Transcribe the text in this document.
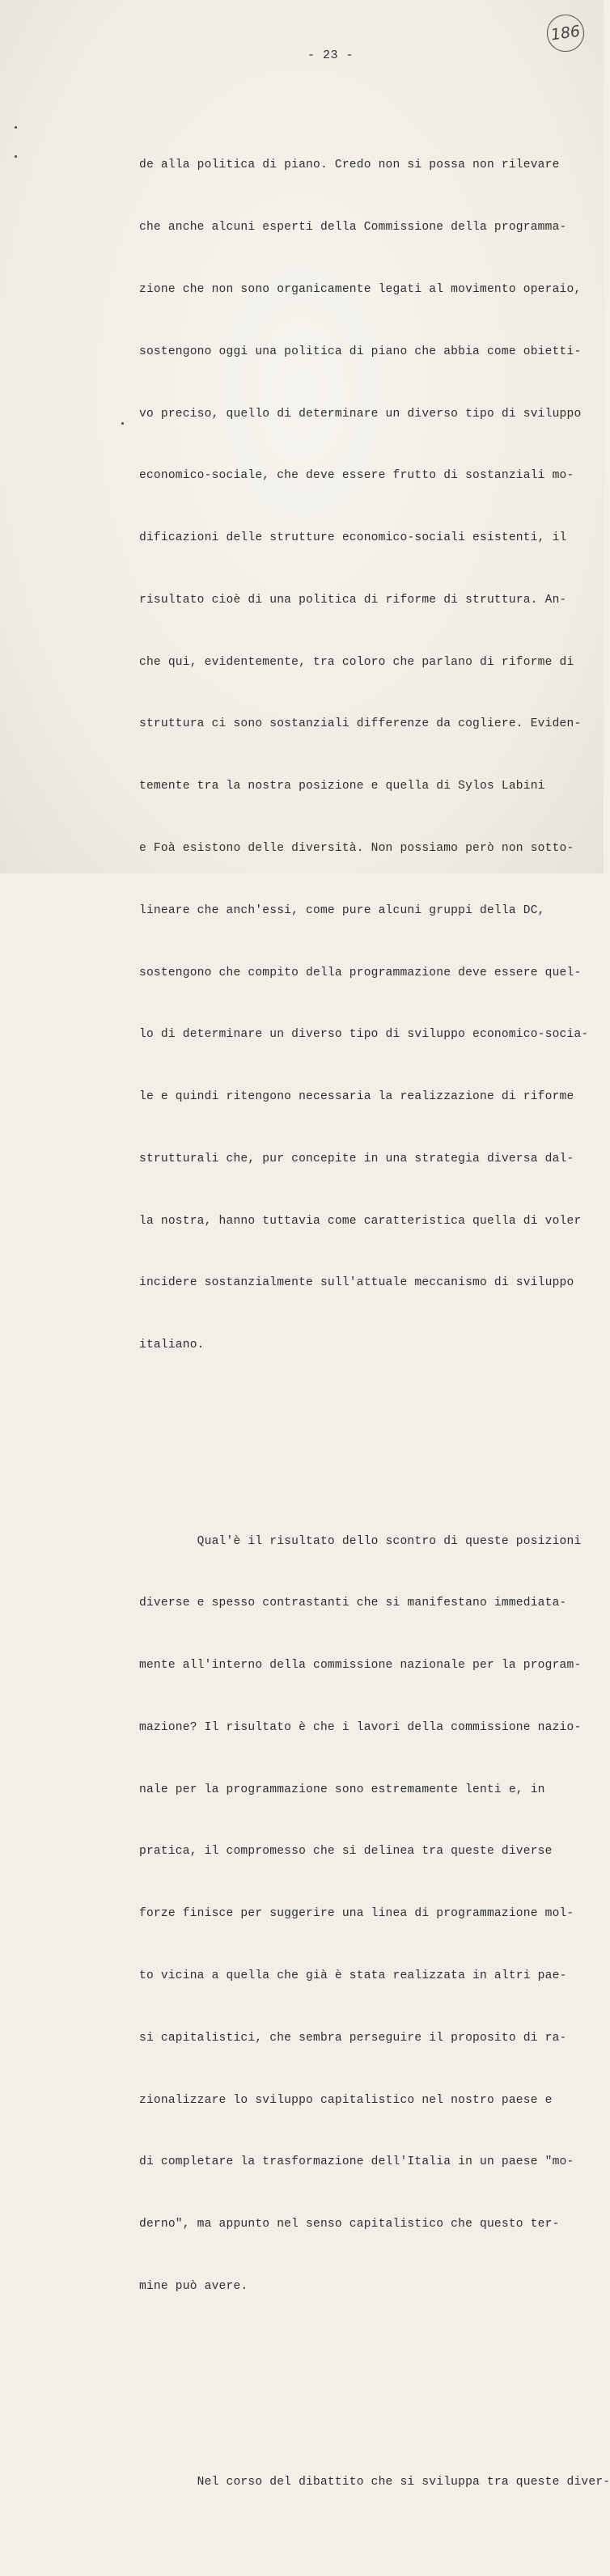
186
- 23 -

de alla politica di piano. Credo non si possa non rilevare

che anche alcuni esperti della Commissione della programma-

zione che non sono organicamente legati al movimento operaio,

sostengono oggi una politica di piano che abbia come obietti-

vo preciso, quello di determinare un diverso tipo di sviluppo

economico-sociale, che deve essere frutto di sostanziali mo-

dificazioni delle strutture economico-sociali esistenti, il

risultato cioè di una politica di riforme di struttura. An-

che qui, evidentemente, tra coloro che parlano di riforme di

struttura ci sono sostanziali differenze da cogliere. Eviden-

temente tra la nostra posizione e quella di Sylos Labini

e Foà esistono delle diversità. Non possiamo però non sotto-

lineare che anch'essi, come pure alcuni gruppi della DC,

sostengono che compito della programmazione deve essere quel-

lo di determinare un diverso tipo di sviluppo economico-socia-

le e quindi ritengono necessaria la realizzazione di riforme

strutturali che, pur concepite in una strategia diversa dal-

la nostra, hanno tuttavia come caratteristica quella di voler

incidere sostanzialmente sull'attuale meccanismo di sviluppo

italiano.

Qual'è il risultato dello scontro di queste posizioni

diverse e spesso contrastanti che si manifestano immediata-

mente all'interno della commissione nazionale per la program-

mazione? Il risultato è che i lavori della commissione nazio-

nale per la programmazione sono estremamente lenti e, in

pratica, il compromesso che si delinea tra queste diverse

forze finisce per suggerire una linea di programmazione mol-

to vicina a quella che già è stata realizzata in altri pae-

si capitalistici, che sembra perseguire il proposito di ra-

zionalizzare lo sviluppo capitalistico nel nostro paese e

di completare la trasformazione dell'Italia in un paese "mo-

derno", ma appunto nel senso capitalistico che questo ter-

mine può avere.

Nel corso del dibattito che si sviluppa tra queste diver-
